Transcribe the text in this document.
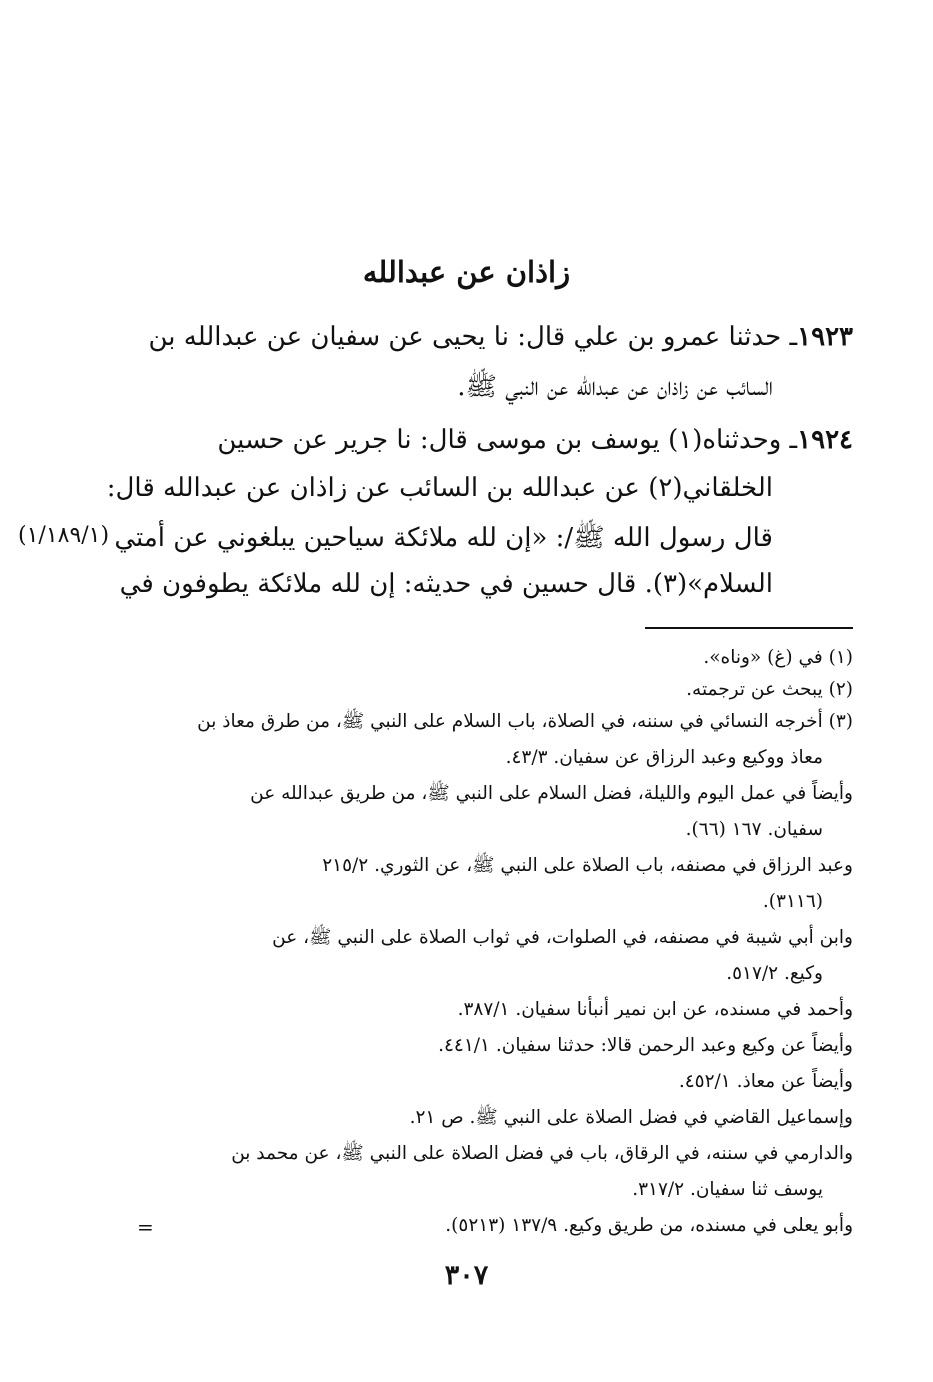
زاذان عن عبدالله
١٩٢٣ـ حدثنا عمرو بن علي قال: نا يحيى عن سفيان عن عبدالله بن
السائب عن زاذان عن عبدالله عن النبي ﷺ.
١٩٢٤ـ وحدثناه(١) يوسف بن موسى قال: نا جرير عن حسين
الخلقاني(٢) عن عبدالله بن السائب عن زاذان عن عبدالله قال:
قال رسول الله ﷺ/: «إن لله ملائكة سياحين يبلغوني عن أمتي
السلام»(٣). قال حسين في حديثه: إن لله ملائكة يطوفون في
(١/١٨٩/١)
(١) في (غ) «وناه».
(٢) يبحث عن ترجمته.
(٣) أخرجه النسائي في سننه، في الصلاة، باب السلام على النبي ﷺ، من طرق معاذ بن
معاذ ووكيع وعبد الرزاق عن سفيان. ٤٣/٣.
وأيضاً في عمل اليوم والليلة، فضل السلام على النبي ﷺ، من طريق عبدالله عن
سفيان. ١٦٧ (٦٦).
وعبد الرزاق في مصنفه، باب الصلاة على النبي ﷺ، عن الثوري. ٢١٥/٢
(٣١١٦).
وابن أبي شيبة في مصنفه، في الصلوات، في ثواب الصلاة على النبي ﷺ، عن
وكيع. ٥١٧/٢.
وأحمد في مسنده، عن ابن نمير أنبأنا سفيان. ٣٨٧/١.
وأيضاً عن وكيع وعبد الرحمن قالا: حدثنا سفيان. ٤٤١/١.
وأيضاً عن معاذ. ٤٥٢/١.
وإسماعيل القاضي في فضل الصلاة على النبي ﷺ. ص ٢١.
والدارمي في سننه، في الرقاق، باب في فضل الصلاة على النبي ﷺ، عن محمد بن
يوسف ثنا سفيان. ٣١٧/٢.
وأبو يعلى في مسنده، من طريق وكيع. ١٣٧/٩ (٥٢١٣).
=
٣٠٧
